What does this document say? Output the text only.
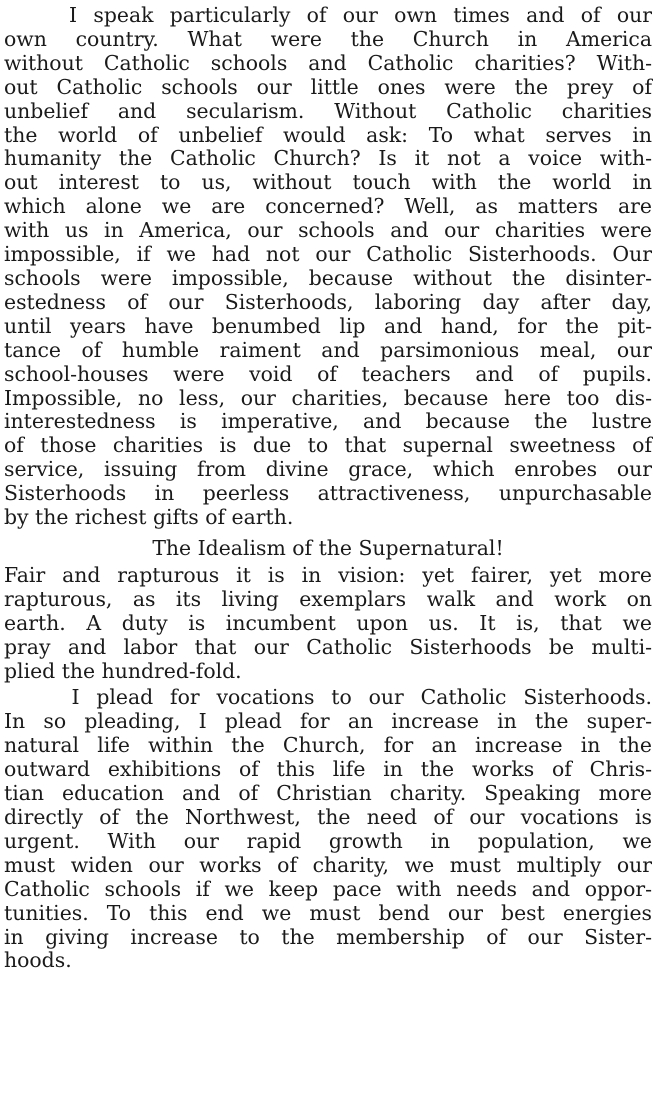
I speak particularly of our own times and of our
own country. What were the Church in America
without Catholic schools and Catholic charities? With-
out Catholic schools our little ones were the prey of
unbelief and secularism. Without Catholic charities
the world of unbelief would ask: To what serves in
humanity the Catholic Church? Is it not a voice with-
out interest to us, without touch with the world in
which alone we are concerned? Well, as matters are
with us in America, our schools and our charities were
impossible, if we had not our Catholic Sisterhoods. Our
schools were impossible, because without the disinter-
estedness of our Sisterhoods, laboring day after day,
until years have benumbed lip and hand, for the pit-
tance of humble raiment and parsimonious meal, our
school-houses were void of teachers and of pupils.
Impossible, no less, our charities, because here too dis-
interestedness is imperative, and because the lustre
of those charities is due to that supernal sweetness of
service, issuing from divine grace, which enrobes our
Sisterhoods in peerless attractiveness, unpurchasable
by the richest gifts of earth.
The Idealism of the Supernatural!
Fair and rapturous it is in vision: yet fairer, yet more
rapturous, as its living exemplars walk and work on
earth. A duty is incumbent upon us. It is, that we
pray and labor that our Catholic Sisterhoods be multi-
plied the hundred-fold.
I plead for vocations to our Catholic Sisterhoods.
In so pleading, I plead for an increase in the super-
natural life within the Church, for an increase in the
outward exhibitions of this life in the works of Chris-
tian education and of Christian charity. Speaking more
directly of the Northwest, the need of our vocations is
urgent. With our rapid growth in population, we
must widen our works of charity, we must multiply our
Catholic schools if we keep pace with needs and oppor-
tunities. To this end we must bend our best energies
in giving increase to the membership of our Sister-
hoods.
